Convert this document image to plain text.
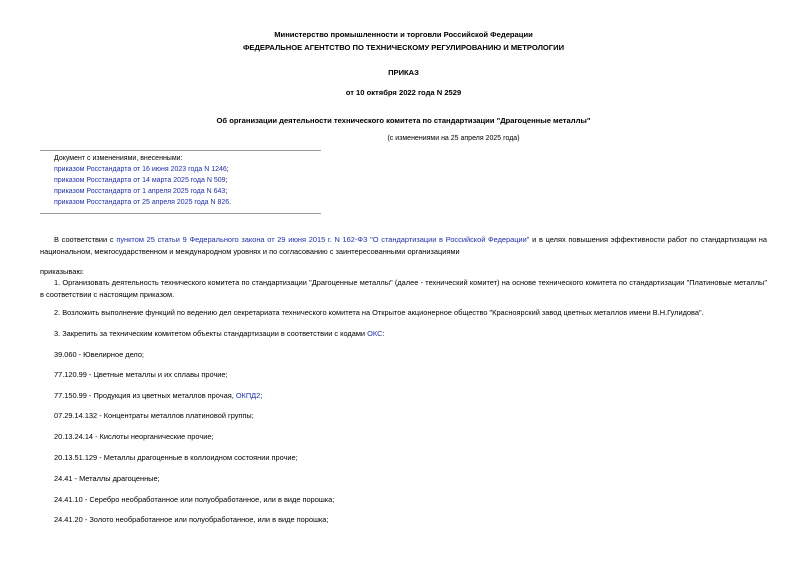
Министерство промышленности и торговли Российской Федерации
ФЕДЕРАЛЬНОЕ АГЕНТСТВО ПО ТЕХНИЧЕСКОМУ РЕГУЛИРОВАНИЮ И МЕТРОЛОГИИ
ПРИКАЗ
от 10 октября 2022 года N 2529
Об организации деятельности технического комитета по стандартизации "Драгоценные металлы"
(с изменениями на 25 апреля 2025 года)
Документ с изменениями, внесенными:
приказом Росстандарта от 16 июня 2023 года N 1246;
приказом Росстандарта от 14 марта 2025 года N 509;
приказом Росстандарта от 1 апреля 2025 года N 643;
приказом Росстандарта от 25 апреля 2025 года N 826.
В соответствии с пунктом 25 статьи 9 Федерального закона от 29 июня 2015 г. N 162-ФЗ "О стандартизации в Российской Федерации" и в целях повышения эффективности работ по стандартизации на национальном, межгосударственном и международном уровнях и по согласованию с заинтересованными организациями
приказываю:
1. Организовать деятельность технического комитета по стандартизации "Драгоценные металлы" (далее - технический комитет) на основе технического комитета по стандартизации "Платиновые металлы" в соответствии с настоящим приказом.
2. Возложить выполнение функций по ведению дел секретариата технического комитета на Открытое акционерное общество "Красноярский завод цветных металлов имени В.Н.Гулидова".
3. Закрепить за техническим комитетом объекты стандартизации в соответствии с кодами ОКС:
39.060 - Ювелирное дело;
77.120.99 - Цветные металлы и их сплавы прочие;
77.150.99 - Продукция из цветных металлов прочая, ОКПД2;
07.29.14.132 - Концентраты металлов платиновой группы;
20.13.24.14 - Кислоты неорганические прочие;
20.13.51.129 - Металлы драгоценные в коллоидном состоянии прочие;
24.41 - Металлы драгоценные;
24.41.10 - Серебро необработанное или полуобработанное, или в виде порошка;
24.41.20 - Золото необработанное или полуобработанное, или в виде порошка;
